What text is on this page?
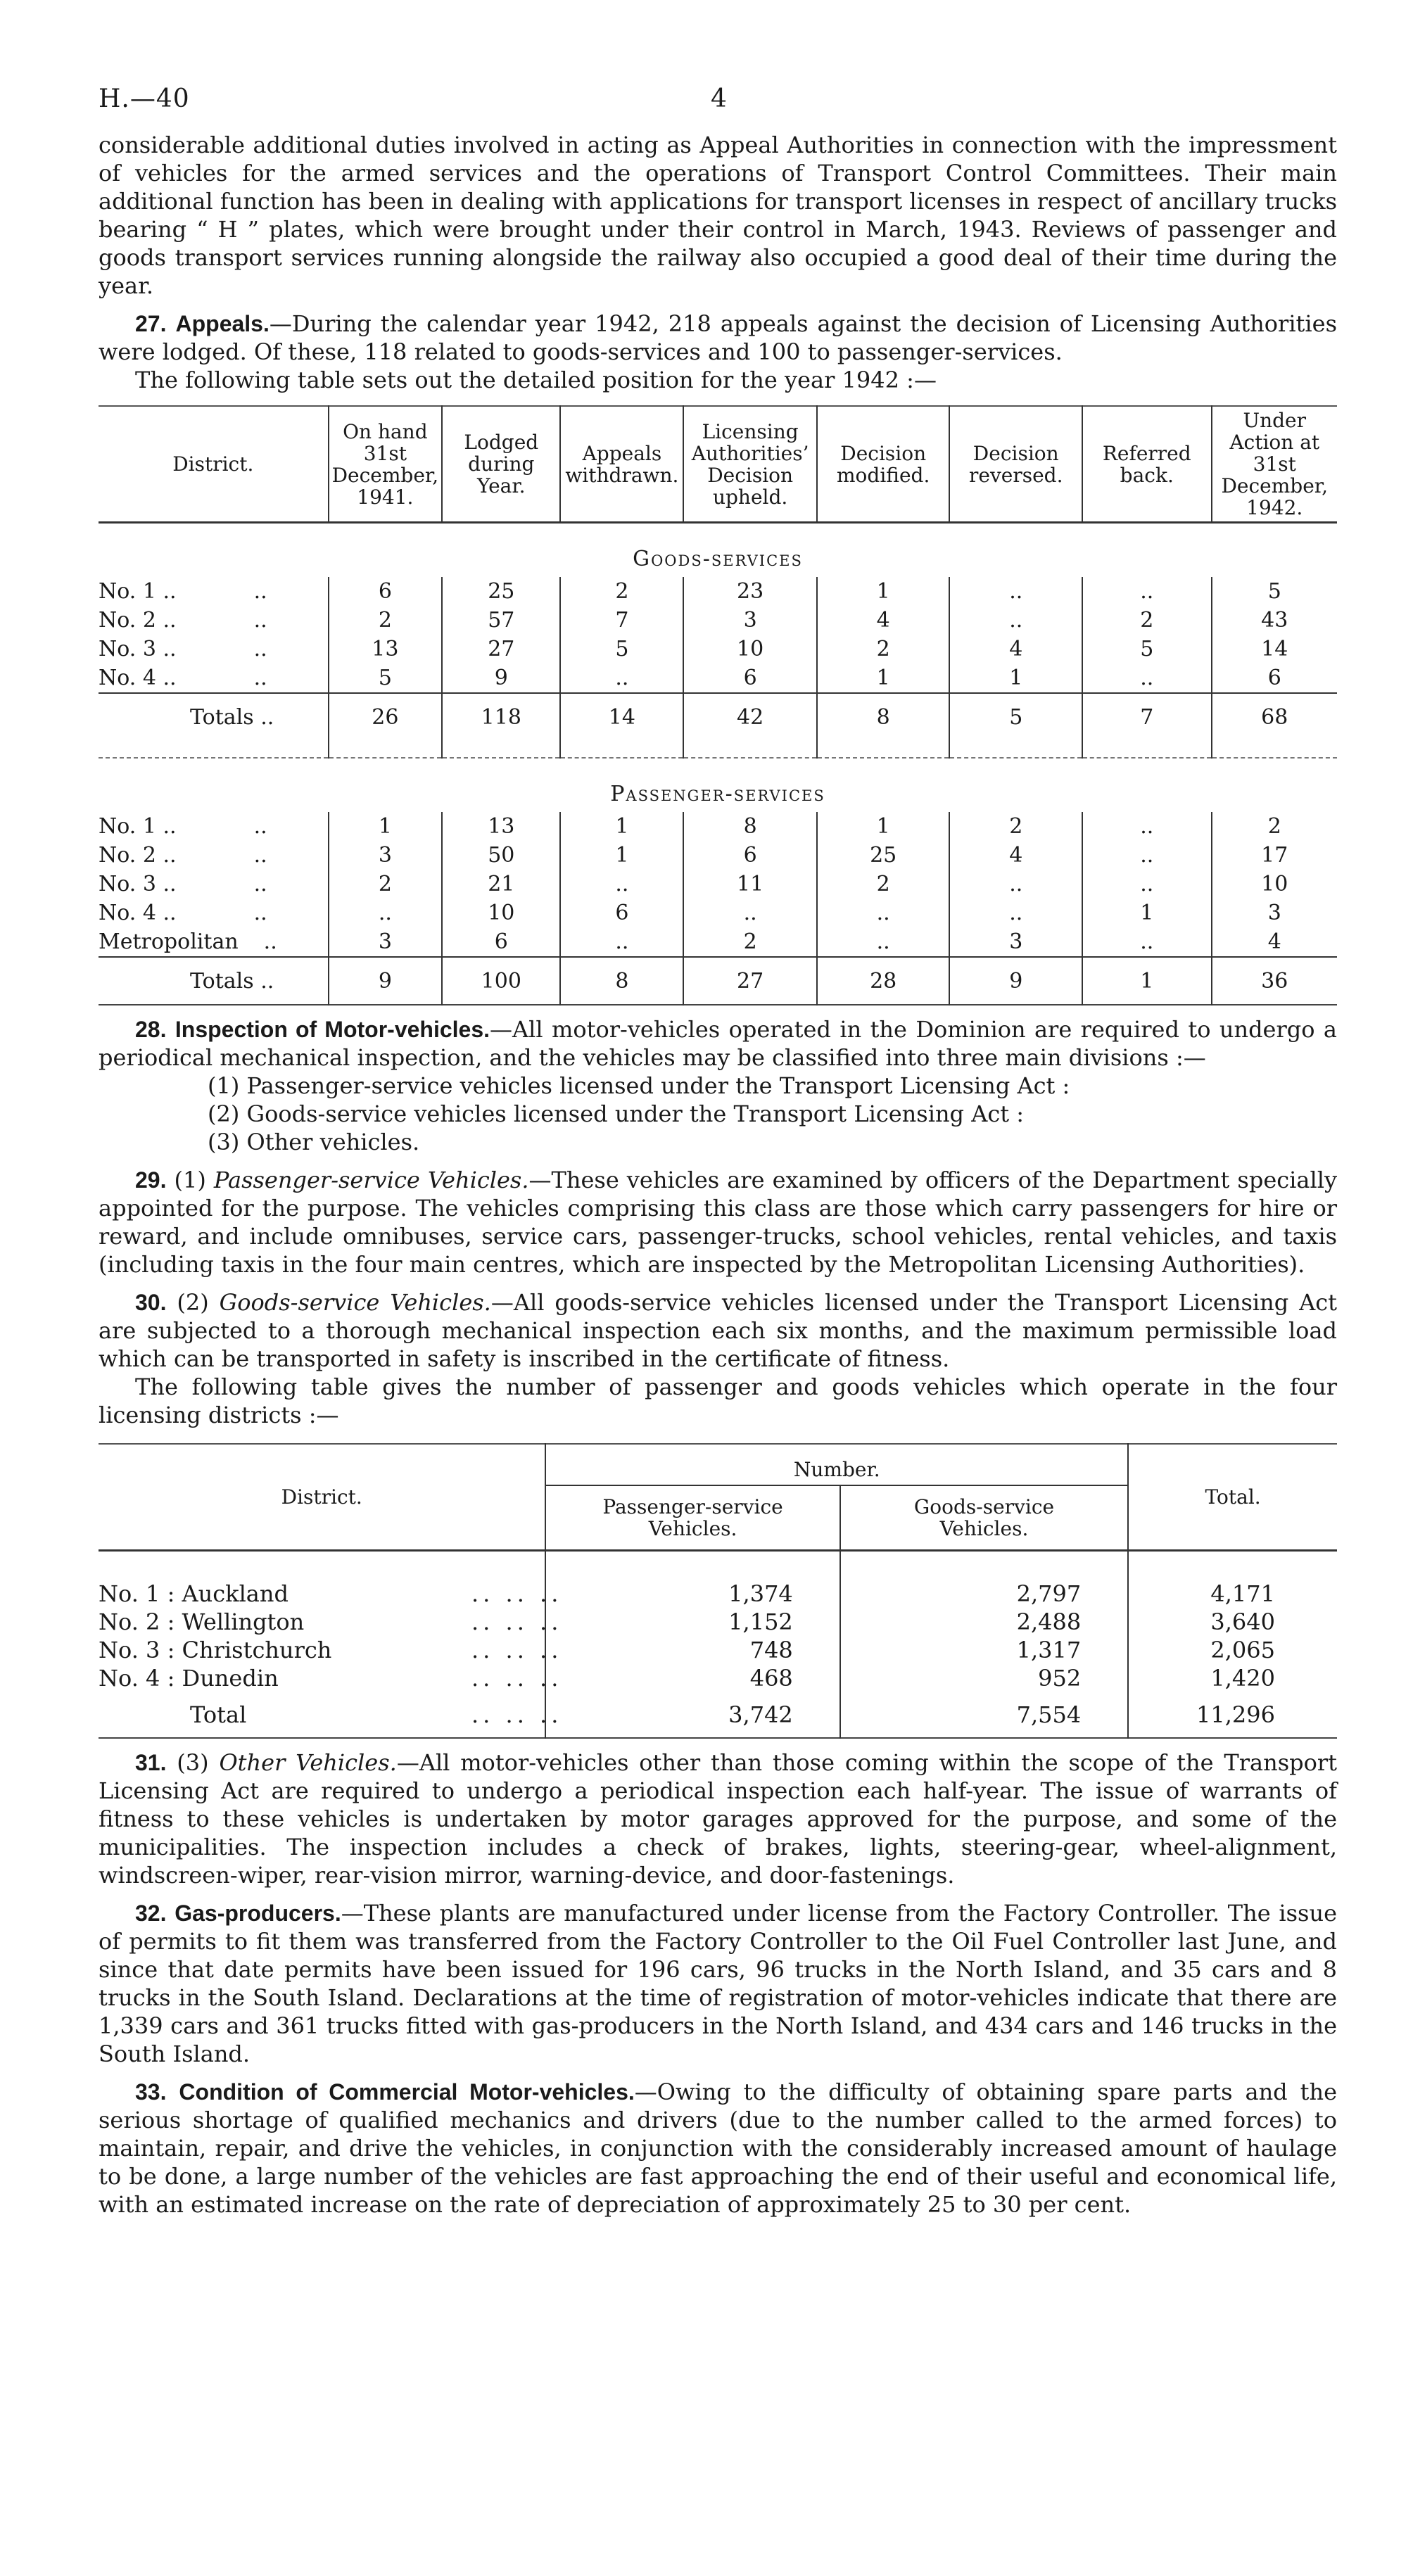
H.—40	4

considerable additional duties involved in acting as Appeal Authorities in connection with the impressment of vehicles for the armed services and the operations of Transport Control Committees. Their main additional function has been in dealing with applications for transport licenses in respect of ancillary trucks bearing “ H ” plates, which were brought under their control in March, 1943. Reviews of passenger and goods transport services running alongside the railway also occupied a good deal of their time during the year.

27. Appeals.—During the calendar year 1942, 218 appeals against the decision of Licensing Authorities were lodged. Of these, 118 related to goods-services and 100 to passenger-services.

The following table sets out the detailed position for the year 1942 :—

District.	On hand 31st December, 1941.	Lodged during Year.	Appeals withdrawn.	Licensing Authorities’ Decision upheld.	Decision modified.	Decision reversed.	Referred back.	Under Action at 31st December, 1942.
Goods-services								
No. 1 .. ..	6	25	2	23	1	..	..	5
No. 2 .. ..	2	57	7	3	4	..	2	43
No. 3 .. ..	13	27	5	10	2	4	5	14
No. 4 .. ..	5	9	..	6	1	1	..	6
Totals ..	26	118	14	42	8	5	7	68

Passenger-services								
No. 1 .. ..	1	13	1	8	1	2	..	2
No. 2 .. ..	3	50	1	6	25	4	..	17
No. 3 .. ..	2	21	..	11	2	..	..	10
No. 4 .. ..	..	10	6	..	..	..	1	3
Metropolitan ..	3	6	..	2	..	3	..	4
Totals ..	9	100	8	27	28	9	1	36

28. Inspection of Motor-vehicles.—All motor-vehicles operated in the Dominion are required to undergo a periodical mechanical inspection, and the vehicles may be classified into three main divisions :—

(1) Passenger-service vehicles licensed under the Transport Licensing Act :
(2) Goods-service vehicles licensed under the Transport Licensing Act :
(3) Other vehicles.

29. (1) Passenger-service Vehicles.—These vehicles are examined by officers of the Department specially appointed for the purpose. The vehicles comprising this class are those which carry passengers for hire or reward, and include omnibuses, service cars, passenger-trucks, school vehicles, rental vehicles, and taxis (including taxis in the four main centres, which are inspected by the Metropolitan Licensing Authorities).

30. (2) Goods-service Vehicles.—All goods-service vehicles licensed under the Transport Licensing Act are subjected to a thorough mechanical inspection each six months, and the maximum permissible load which can be transported in safety is inscribed in the certificate of fitness.

The following table gives the number of passenger and goods vehicles which operate in the four licensing districts :—

District.	Number.		Total.
	Passenger-service Vehicles.	Goods-service Vehicles.	
No. 1 : Auckland .. .. ..	1,374	2,797	4,171
No. 2 : Wellington .. .. ..	1,152	2,488	3,640
No. 3 : Christchurch .. .. ..	748	1,317	2,065
No. 4 : Dunedin .. .. ..	468	952	1,420
Total .. .. ..	3,742	7,554	11,296

31. (3) Other Vehicles.—All motor-vehicles other than those coming within the scope of the Transport Licensing Act are required to undergo a periodical inspection each half-year. The issue of warrants of fitness to these vehicles is undertaken by motor garages approved for the purpose, and some of the municipalities. The inspection includes a check of brakes, lights, steering-gear, wheel-alignment, windscreen-wiper, rear-vision mirror, warning-device, and door-fastenings.

32. Gas-producers.—These plants are manufactured under license from the Factory Controller. The issue of permits to fit them was transferred from the Factory Controller to the Oil Fuel Controller last June, and since that date permits have been issued for 196 cars, 96 trucks in the North Island, and 35 cars and 8 trucks in the South Island. Declarations at the time of registration of motor-vehicles indicate that there are 1,339 cars and 361 trucks fitted with gas-producers in the North Island, and 434 cars and 146 trucks in the South Island.

33. Condition of Commercial Motor-vehicles.—Owing to the difficulty of obtaining spare parts and the serious shortage of qualified mechanics and drivers (due to the number called to the armed forces) to maintain, repair, and drive the vehicles, in conjunction with the considerably increased amount of haulage to be done, a large number of the vehicles are fast approaching the end of their useful and economical life, with an estimated increase on the rate of depreciation of approximately 25 to 30 per cent.
